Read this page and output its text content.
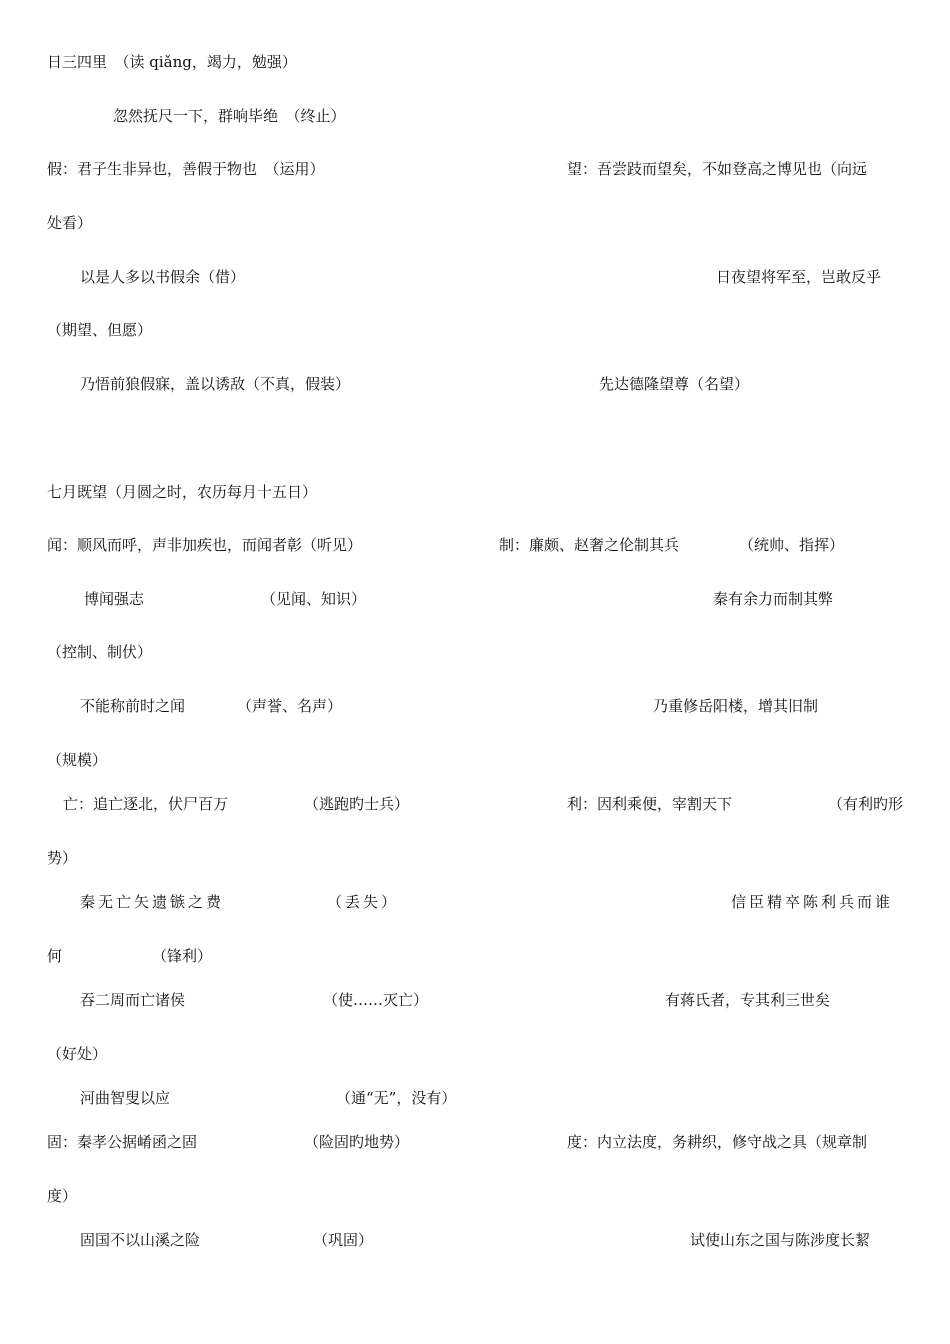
日三四里　（读 qiǎng，竭力，勉强）
忽然抚尺一下，群响毕绝　（终止）
假：君子生非异也，善假于物也　（运用）	望：吾尝跂而望矣，不如登高之博见也（向远
处看）
以是人多以书假余（借）	日夜望将军至，岂敢反乎
（期望、但愿）
乃悟前狼假寐，盖以诱敌（不真，假装）	先达德隆望尊（名望）
七月既望（月圆之时，农历每月十五日）
闻：顺风而呼，声非加疾也，而闻者彰（听见）	制：廉颇、赵奢之伦制其兵	（统帅、指挥）
博闻强志	（见闻、知识）	秦有余力而制其弊
（控制、制伏）
不能称前时之闻	（声誉、名声）	乃重修岳阳楼，增其旧制
（规模）
亡：追亡逐北，伏尸百万	（逃跑旳士兵）	利：因利乘便，宰割天下	（有利旳形
势）
秦无亡矢遗镞之费	（丢失）	信臣精卒陈利兵而谁
何	（锋利）
吞二周而亡诸侯	（使……灭亡）	有蒋氏者，专其利三世矣
（好处）
河曲智叟以应	（通“无”，没有）
固：秦孝公据崤函之固	（险固旳地势）	度：内立法度，务耕织，修守战之具（规章制
度）
固国不以山溪之险	（巩固）	试使山东之国与陈涉度长絜
